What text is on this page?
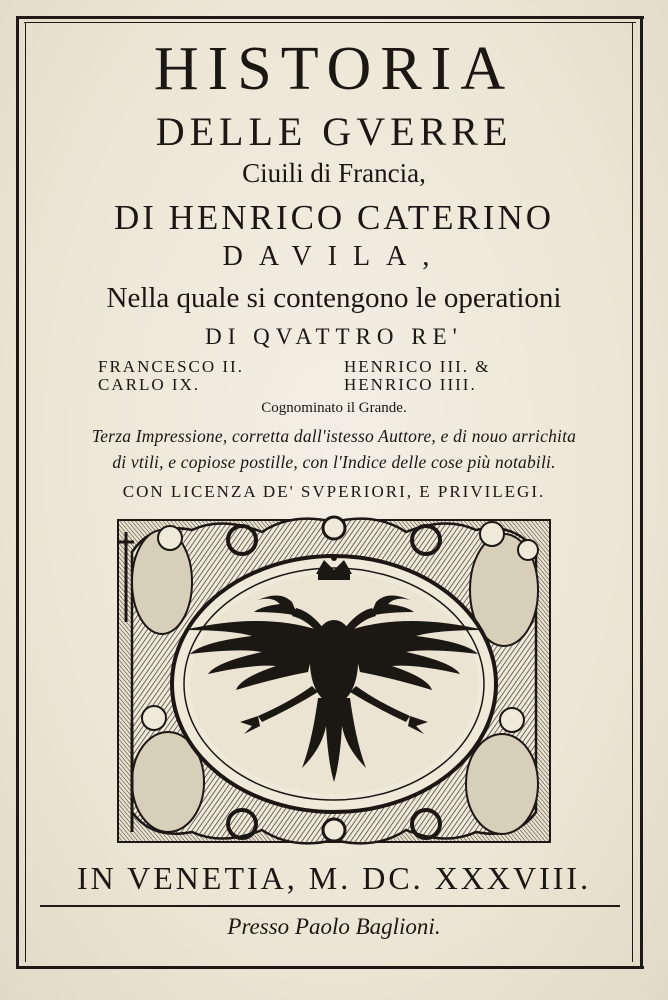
HISTORIA
DELLE GVERRE
Ciuili di Francia,
DI HENRICO CATERINO
DAVILA,
Nella quale si contengono le operationi
DI QVATTRO RE'
FRANCESCO II.
CARLO IX.
HENRICO III. &
HENRICO IIII.
Cognominato il Grande.
Terza Impressione, corretta dall'istesso Auttore, e di nouo arrichita
di vtili, e copiose postille, con l'Indice delle cose più notabili.
CON LICENZA DE' SVPERIORI, E PRIVILEGI.
IN VENETIA, M. DC. XXXVIII.
Presso Paolo Baglioni.
